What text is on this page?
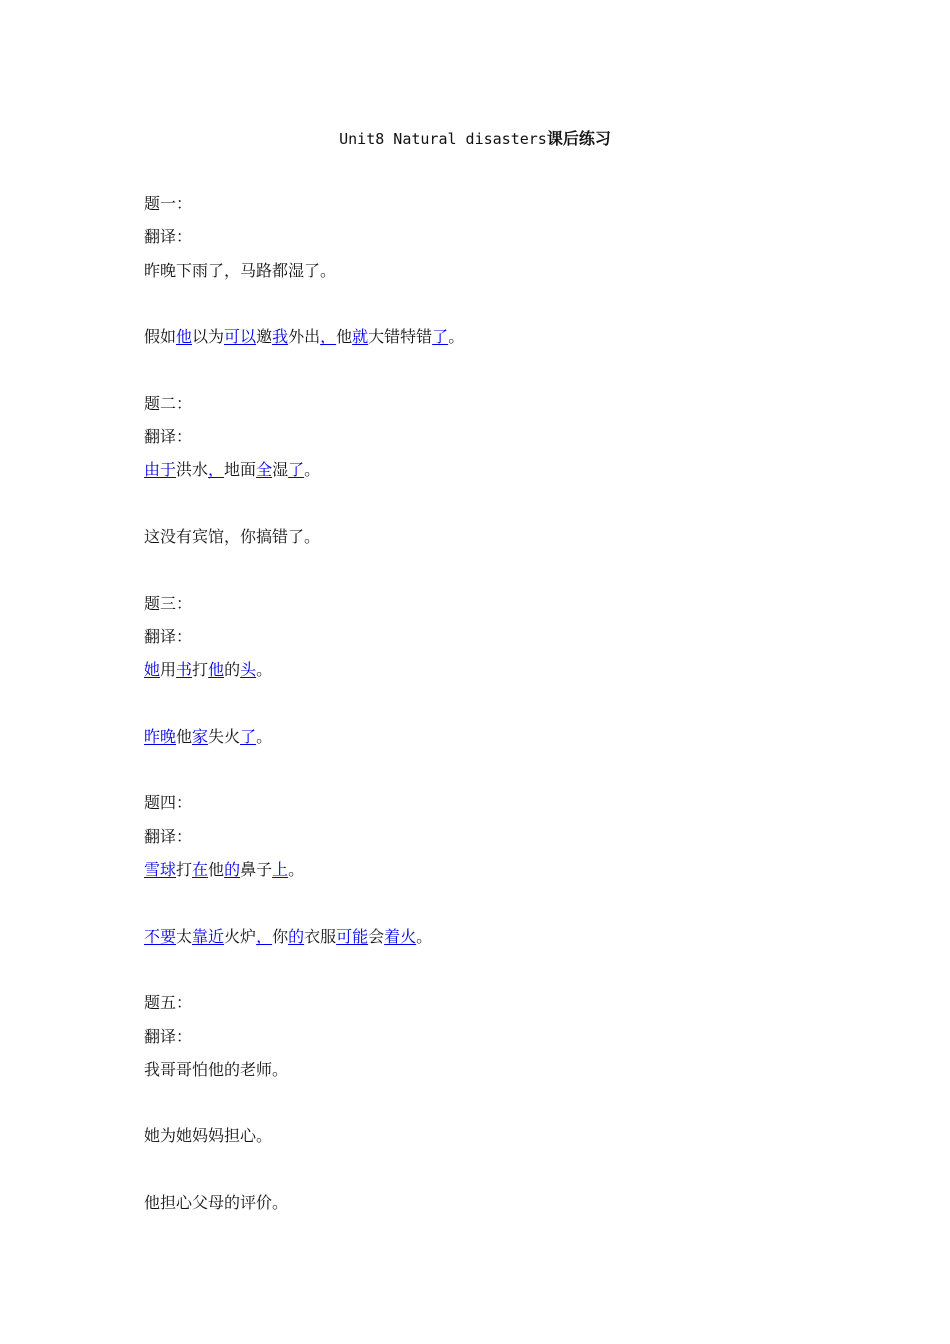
Unit8 Natural disasters课后练习
题一：
翻译：
昨晚下雨了，马路都湿了。
假如他以为可以邀我外出，他就大错特错了。
题二：
翻译：
由于洪水，地面全湿了。
这没有宾馆，你搞错了。
题三：
翻译：
她用书打他的头。
昨晚他家失火了。
题四：
翻译：
雪球打在他的鼻子上。
不要太靠近火炉，你的衣服可能会着火。
题五：
翻译：
我哥哥怕他的老师。
她为她妈妈担心。
他担心父母的评价。
